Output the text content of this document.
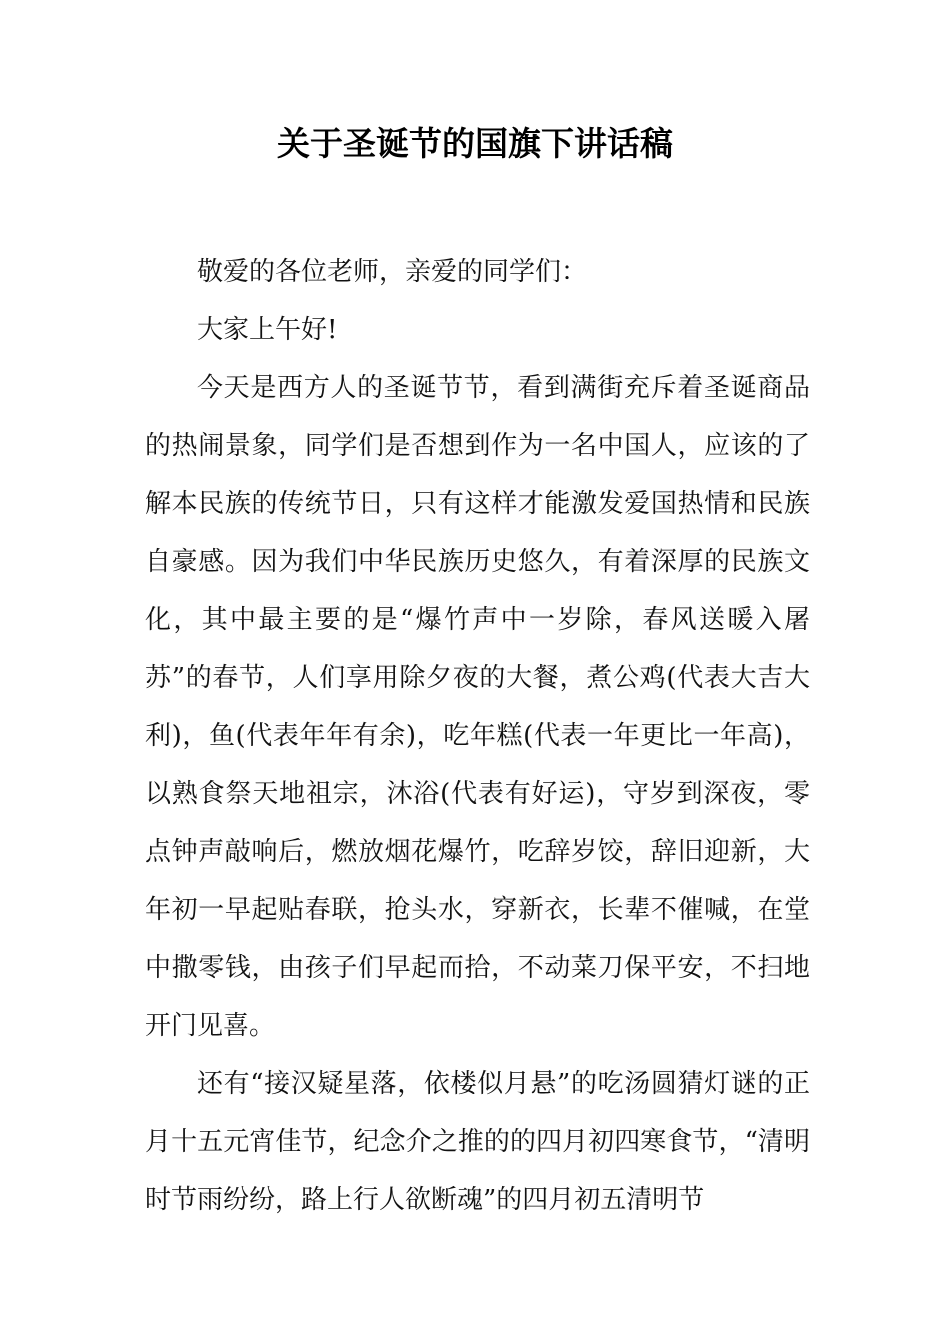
关于圣诞节的国旗下讲话稿

敬爱的各位老师，亲爱的同学们：

大家上午好!

今天是西方人的圣诞节节，看到满街充斥着圣诞商品的热闹景象，同学们是否想到作为一名中国人，应该的了解本民族的传统节日，只有这样才能激发爱国热情和民族自豪感。因为我们中华民族历史悠久，有着深厚的民族文化，其中最主要的是“爆竹声中一岁除，春风送暖入屠苏”的春节，人们享用除夕夜的大餐，煮公鸡(代表大吉大利)，鱼(代表年年有余)，吃年糕(代表一年更比一年高)，以熟食祭天地祖宗，沐浴(代表有好运)，守岁到深夜，零点钟声敲响后，燃放烟花爆竹，吃辞岁饺，辞旧迎新，大年初一早起贴春联，抢头水，穿新衣，长辈不催喊，在堂中撒零钱，由孩子们早起而拾，不动菜刀保平安，不扫地开门见喜。

还有“接汉疑星落，依楼似月悬”的吃汤圆猜灯谜的正月十五元宵佳节，纪念介之推的的四月初四寒食节，“清明时节雨纷纷，路上行人欲断魂”的四月初五清明节
